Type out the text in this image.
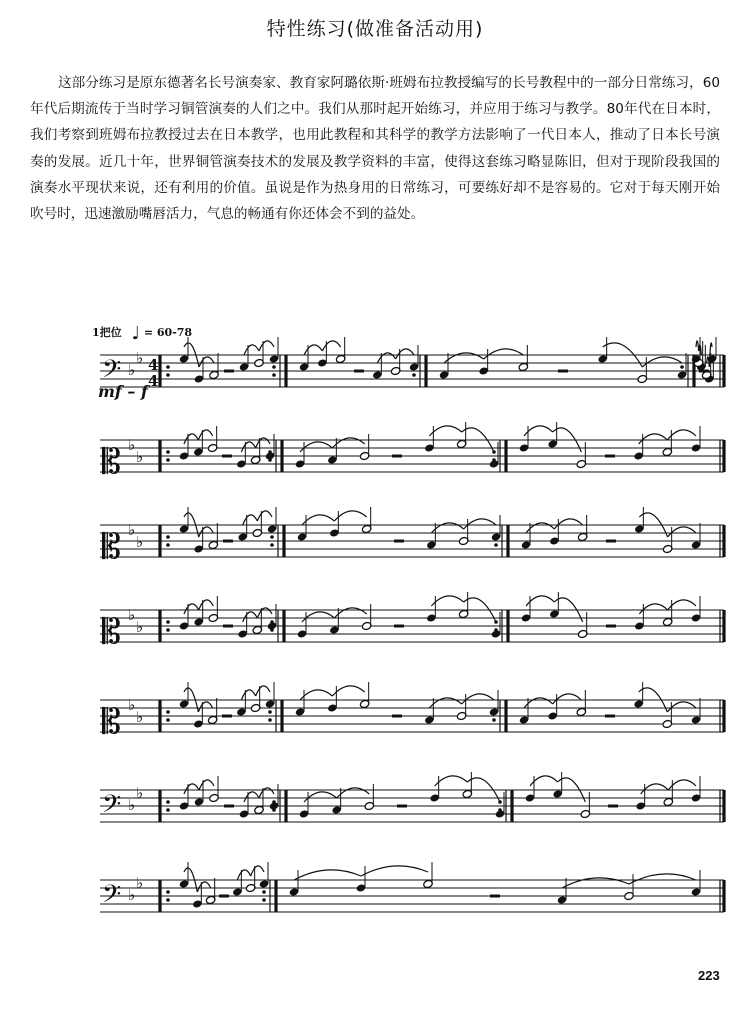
特性练习(做准备活动用)

这部分练习是原东德著名长号演奏家、教育家阿璐依斯·班姆布拉教授编写的长号教程中的一部分日常练习，60年代后期流传于当时学习铜管演奏的人们之中。我们从那时起开始练习，并应用于练习与教学。80年代在日本时，我们考察到班姆布拉教授过去在日本教学，也用此教程和其科学的教学方法影响了一代日本人，推动了日本长号演奏的发展。近几十年，世界铜管演奏技术的发展及教学资料的丰富，使得这套练习略显陈旧，但对于现阶段我国的演奏水平现状来说，还有利用的价值。虽说是作为热身用的日常练习，可要练好却不是容易的。它对于每天刚开始吹号时，迅速激励嘴唇活力，气息的畅通有你还体会不到的益处。

1把位 ♩ = 60-78
mf – f
𝄢 ♭
♭ 4
4
𝄡 ♭
♭
𝄡 ♭
♭
𝄡 ♭
♭
𝄡 ♭
♭
𝄢 ♭
♭
𝄢 ♭
♭
223
